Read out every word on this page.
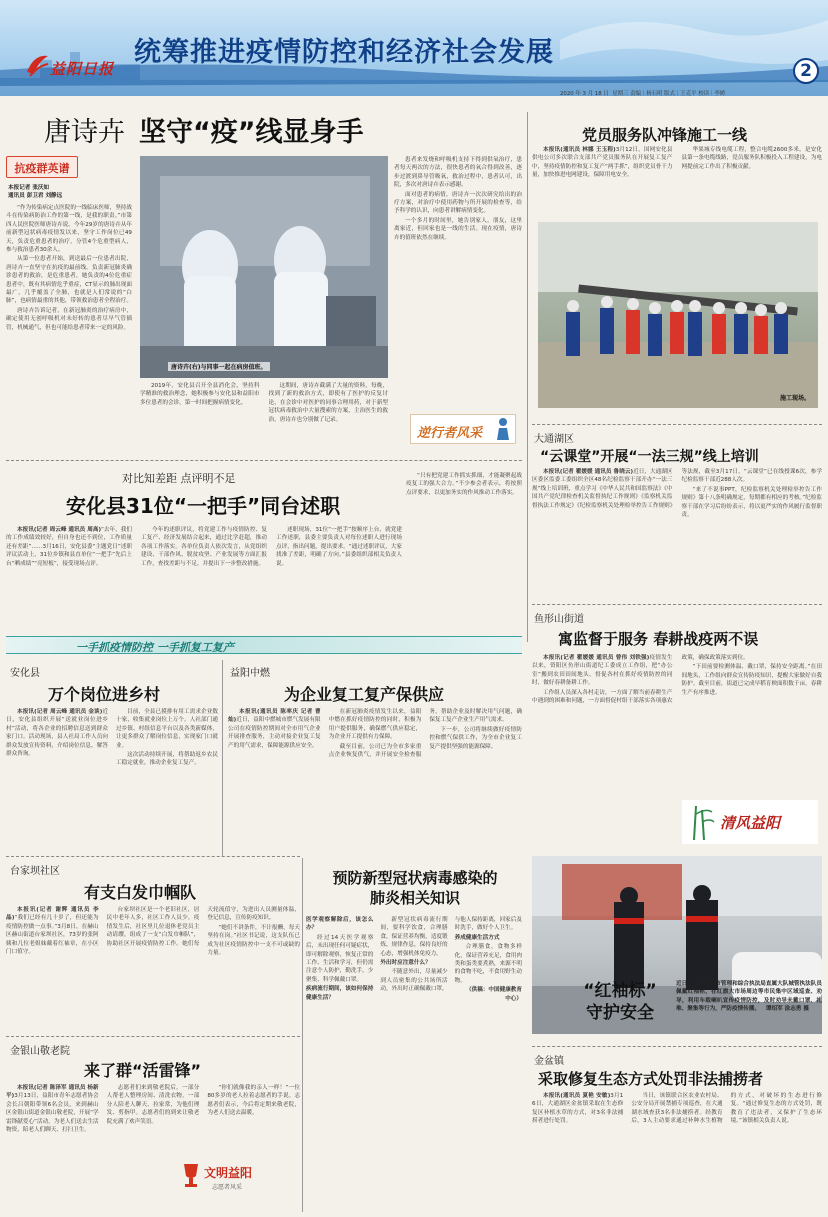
益阳日报
统筹推进疫情防控和经济社会发展
2
2020 年 3 月 18 日 星期三 责编｜杨石明 版式｜王克平 校读｜李娉
唐诗卉 坚守“疫”线显身手
抗疫群英谱
本报记者 张沃如
通讯员 彭卫君 刘静远

“作为传染病定点医院的一线临床医师，坚持战斗在传染病防治工作的第一线，是我的职责。”市第四人民医院医师唐诗卉说。今年29岁的唐诗卉从年前新型冠状病毒疫情发以来，坚守工作岗位已49天，负责危重患者的治疗，分管4个危重型病人，参与救治患者30余人。

从第一位患者开始，到送最后一位患者出院，唐诗卉一直坚守在抗疫的最前线。负责新冠肺炎确诊患者的救治，是危重患者，她负责的4位危重症患者中，既有其病情危乎重症，CT显示的肺出现面最广，几乎覆盖了全肺，也就是人们常说的“白肺”，也病情最重的其他，带领救治患者全程治疗。

唐诗卉告诉记者，在新冠肺炎的治疗病房中，确定使用无创呼吸机对未好转的患者尽早气管插管，机械通气，但也可能给患者带来一定的风险。

唐诗卉(右)与同事一起在病房值班。

2019年，安化县召开全县消化会，坚持科学精准的救治理念，她积极参与安化县和益阳市多位患者的会诊，第一时间把握病情变化。

这期间，唐诗卉截满了大量的资料，每晚，找到了新的救治方式，即使有了医护的反复讨论，在会诊中对医护的同事合理用药，对于新型冠状病毒救治中大量搜索的方案，主治医生的救治，唐诗卉也分别做了记录。

患者来发烧和呼吸机支持下得到供氧治疗，患者每天两次的方法，很快患者的氧合得到改善，逐步过渡到鼻导管吸氧，救治过程中，患者认可，出院，多次对唐诗卉表示感谢。

面对患者的病情，唐诗卉一次次研究给出的治疗方案，对治疗中使用药物与所开展的检查等，给予科学的认识，向患者讲解病情变化。

一个多月的时间里，她告别家人，朋友，这里离家近，但回家也是一线的生活。现在疫情，唐诗卉的值班依然在继续。

逆行者风采
党员服务队冲锋施工一线

本报讯(通讯员 林娜 王玉程)3月12日，国网安化县供电公司多次联合支部共产党员服务队在开展复工复产中，坚持疫情防控和复工复产“两手抓”，组织党员骨干力量，加快推进电网建设，保障用电安全。

华果城专线电缆工程，整合电缆2600多米，是安化县第一条电缆线路，党员服务队积极投入工程建设，为电网提前完工作出了积极贡献。

施工现场。
对比知差距 点评明不足
安化县31位“一把手”同台述职

本报讯(记者 周云峰 通讯员 周高)“去年，我们的工作成绩效较好，但自身也还不到位，工作质量还有差距”……3月16日，安化县委“主题党日”述职评议活动上，31位乡镇和县直单位“一把手”先后上台“晒成绩”“亮短板”，接受现场点评。

今年的述职评议，将党建工作与疫情防控、复工复产、经济发展结合起来，通过比学赶超，推动各项工作落实。各单位负责人依次发言，从党组织建设、干部作风、脱贫攻坚、产业发展等方面汇报工作，查找差距与不足，并提出下一步整改措施。

述职现场，31位“一把手”按顺序上台，就党建工作述职，县委主要负责人对每位述职人进行现场点评，指出问题，提出要求。“通过述职评议，大家找准了差距，明确了方向。”县委组织部相关负责人说。

“只有把党建工作抓实抓细，才能凝聚起战疫复工的强大合力。”不少参会者表示，将按照点评要求，以更加务实的作风推动工作落实。

一手抓疫情防控 一手抓复工复产
安化县
万个岗位进乡村

本报讯(记者 周云峰 通讯员 金谈)近日，安化县组织开展“送就业岗位进乡村”活动，将各企业的招聘信息送到群众家门口。活动现场，县人社局工作人员向群众发放宣传资料，介绍岗位信息，解答群众咨询。

目前，全县已摸排有用工需求企业数十家，收集就业岗位上万个。人社部门通过乡镇、村组信息平台以及各类新媒体，让更多群众了解岗位信息，实现家门口就业。

这次活动持续开展，将帮助返乡农民工稳定就业，推动企业复工复产。

益阳中燃
为企业复工复产保供应

本报讯(通讯员 陈率庆 记者 曹灿)近日，益阳中燃城市燃气发展有限公司在疫情防控期间对全市用气企业开展排查服务，主动对接企业复工复产的用气需求，保障能源供应安全。

在新冠肺炎疫情发生以来，益阳中燃在抓好疫情防控的同时，积极为用户提供服务，确保燃气供应稳定，为企业开工提供有力保障。

截至目前，公司已为全市多家重点企业恢复供气，并开展安全检查服务，帮助企业及时解决用气问题，确保复工复产企业生产用气需求。

下一步，公司将继续做好疫情防控和燃气保供工作，为全市企业复工复产提供坚强的能源保障。

大通湖区
“云课堂”开展“一法三规”线上培训

本报讯(记者 瞿媛媛 通讯员 鲁晓云)近日，大通湖区区委区监委工委组织全区48名纪检监察干部开办“一法三规”线上培训班，重点学习《中华人民共和国监察法》《中国共产党纪律检查机关监督执纪工作规则》《监察机关监督执法工作规定》《纪检监察机关处理检举控告工作规则》等法规，截至3月17日，“云课堂”已在线授课6次，参学纪检监察干部近288人次。

“来了不说事PPT，纪检监察机关处理检举控告工作规则》第十八条明确规定，每期都有相应的考核。”纪检监察干部在学习后纷纷表示，将以更严实的作风履行监督职责。

鱼形山街道
寓监督于服务 春耕战疫两不误

本报讯(记者 瞿媛媛 通讯员 曾伟 刘铁强)疫情发生以来，资阳区鱼形山街道纪工委成立工作组，把“办公室”搬到农田田间地头，督促各村在抓好疫情防控的同时，做好春耕备耕工作。

工作组人员深入各村走访，一方面了解当前春耕生产中遇到的困难和问题，一方面督促村组干部落实各项惠农政策，确保政策落实到位。

“下田前要检测体温、戴口罩，保持安全距离。”在田间地头，工作组向群众宣传防疫知识，提醒大家做好自我防护。截至目前，街道已完成早稻育秧面积数千亩，春耕生产有序推进。

清风益阳
台家坝社区
有支白发巾帼队

本报讯(记者 谢辉 通讯员 李晶)“我们已经有几十岁了，但还能为疫情防控做一点事。”3月8日，在赫山区赫山街道台家坝社区，73岁的张阿姨和几位老姐妹戴着红袖章，在小区门口值守。

台家坝社区是一个老旧社区，居民中老年人多，社区工作人员少。疫情发生后，社区里几位退休老党员主动请缨，组成了一支“白发巾帼队”，协助社区开展疫情防控工作。她们每天轮流值守，为进出人员测量体温，登记信息，宣传防疫知识。

“她们不讲条件，不计报酬，每天坚持在岗。”社区书记说，这支队伍已成为社区疫情防控中一支不可或缺的力量。

金银山敬老院
来了群“活雷锋”

本报讯(记者 陈泽军 通讯员 杨新平)3月13日，益阳市青年志愿者协会会长吕朝阳带领6名会员，来到赫山区金银山街道金银山敬老院，开展“学雷锋献爱心”活动，为老人们送去生活物资，陪老人们聊天、打扫卫生。

志愿者们来到敬老院后，一部分人帮老人整理房间、清洗衣物，一部分人陪老人聊天、拉家常，为他们理发、剪指甲。志愿者们的到来让敬老院充满了欢声笑语。

“你们就像我的亲人一样！”一位80多岁的老人拉着志愿者的手说。志愿者们表示，今后将定期来敬老院，为老人们送去温暖。

文明益阳
志愿者风采
预防新型冠状病毒感染的
肺炎相关知识

医学观察解除后，该怎么办？

经过14天医学观察后，未出现任何可疑症状，即可解除观察，恢复正常的工作、生活和学习，但仍需注意个人防护，勤洗手，少聚集，科学佩戴口罩。

疾病流行期间，该如何保持健康生活？

新型冠状病毒流行期间，要科学饮食，合理膳食，保证营养均衡，适度锻炼，规律作息，保持良好的心态，增强机体免疫力。

外出时应注意什么？

不随意外出，尽量减少到人员密集的公共场所活动，外出时正确佩戴口罩，与他人保持距离，回家后及时洗手，做好个人卫生。

养成健康生活方式

合理膳食，食物多样化，保证营养充足，食用肉类和蛋类要煮熟，来源不明的食物不吃，不食用野生动物。

（供稿：中国健康教育中心）	“红袖标”
守护安全
近日，资阳区城市管理和综合执法局直属大队城管执法队员佩戴红袖标，在红旗大市场周边等市民集中区域巡查、劝导，利用车载喇叭宣传疫情防控，及时劝导未戴口罩、扎堆、聚集等行为，严防疫情传播。 谭绍军 涂志勇 摄
金盆镇
采取修复生态方式处罚非法捕捞者

本报讯(通讯员 夏艳 安敏)3月16日，大通湖区金盆镇采取在生态修复区补植水草的方式，对3名非法捕捞者进行处罚。

当日，该镇联合区农业农村局、公安分局开展禁捕专项巡查，在大通湖水域查获3名非法捕捞者。经教育后，3人主动要求通过补种水生植物的方式，对破坏的生态进行修复。“通过修复生态的方式处罚，既教育了违法者，又保护了生态环境。”该镇相关负责人说。
